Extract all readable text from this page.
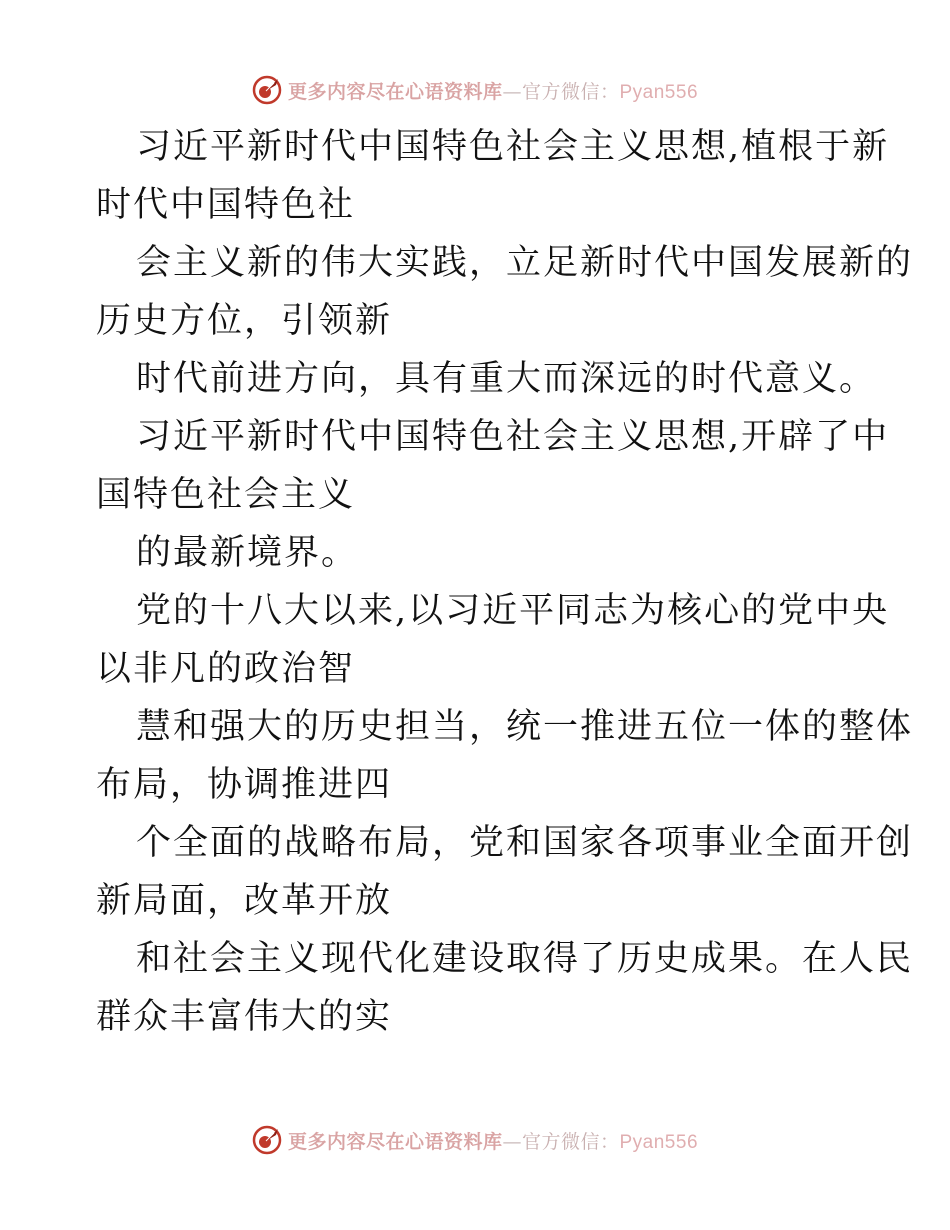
更多内容尽在心语资料库—官方微信：Pyan556
习近平新时代中国特色社会主义思想,植根于新
时代中国特色社
会主义新的伟大实践，立足新时代中国发展新的
历史方位，引领新
时代前进方向，具有重大而深远的时代意义。
习近平新时代中国特色社会主义思想,开辟了中
国特色社会主义
的最新境界。
党的十八大以来,以习近平同志为核心的党中央
以非凡的政治智
慧和强大的历史担当，统一推进五位一体的整体
布局，协调推进四
个全面的战略布局，党和国家各项事业全面开创
新局面，改革开放
和社会主义现代化建设取得了历史成果。在人民
群众丰富伟大的实
更多内容尽在心语资料库—官方微信：Pyan556
